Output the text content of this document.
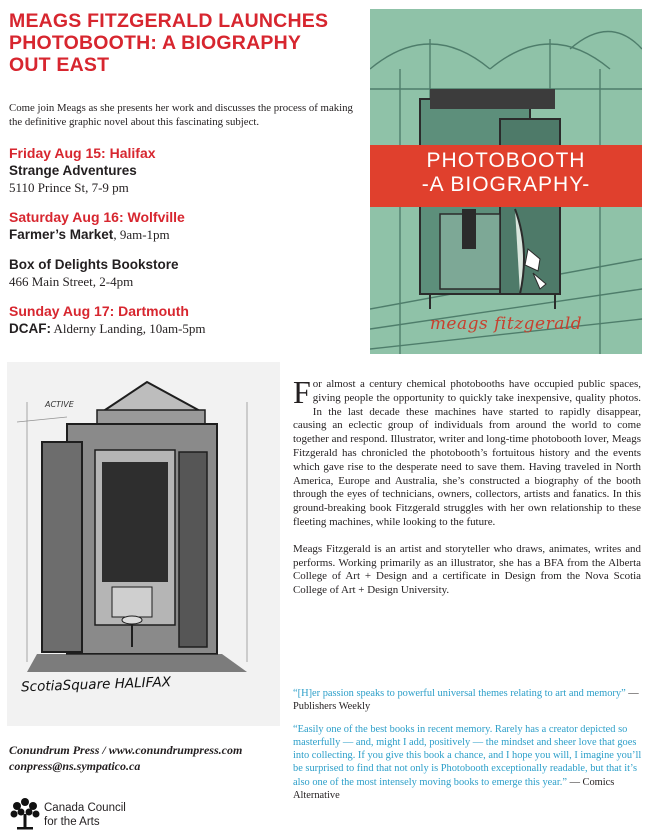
MEAGS FITZGERALD LAUNCHES
PHOTOBOOTH: A BIOGRAPHY
OUT EAST

Come join Meags as she presents her work and discusses the process of making the definitive graphic novel about this fascinating subject.

Friday Aug 15: Halifax
Strange Adventures
5110 Prince St, 7-9 pm
Saturday Aug 16: Wolfville
Farmer’s Market, 9am-1pm
Box of Delights Bookstore
466 Main Street, 2-4pm
Sunday Aug 17: Dartmouth
DCAF: Alderny Landing, 10am-5pm
PHOTOBOOTH
-A BIOGRAPHY-
meags fitzgerald
ACTIVE
ScotiaSquare HALIFAX

For almost a century chemical photobooths have occupied public spaces, giving people the opportunity to quickly take inexpensive, quality photos. In the last decade these machines have started to rapidly disappear, causing an eclectic group of individuals from around the world to come together and respond. Illustrator, writer and long-time photobooth lover, Meags Fitzgerald has chronicled the photobooth’s fortuitous history and the events which gave rise to the desperate need to save them. Having traveled in North America, Europe and Australia, she’s constructed a biography of the booth through the eyes of technicians, owners, collectors, artists and fanatics. In this ground-breaking book Fitzgerald struggles with her own relationship to these fleeting machines, while looking to the future.

Meags Fitzgerald is an artist and storyteller who draws, animates, writes and performs. Working primarily as an illustrator, she has a BFA from the Alberta College of Art + Design and a certificate in Design from the Nova Scotia College of Art + Design University.

“[H]er passion speaks to powerful universal themes relating to art and memory” — Publishers Weekly

“Easily one of the best books in recent memory. Rarely has a creator depicted so masterfully — and, might I add, positively — the mindset and sheer love that goes into collecting. If you give this book a chance, and I hope you will, I imagine you’ll be surprised to find that not only is Photobooth exceptionally readable, but that it’s also one of the most intensely moving books to emerge this year.” — Comics Alternative

Conundrum Press / www.conundrumpress.com
conpress@ns.sympatico.ca
Canada Council
for the Arts
